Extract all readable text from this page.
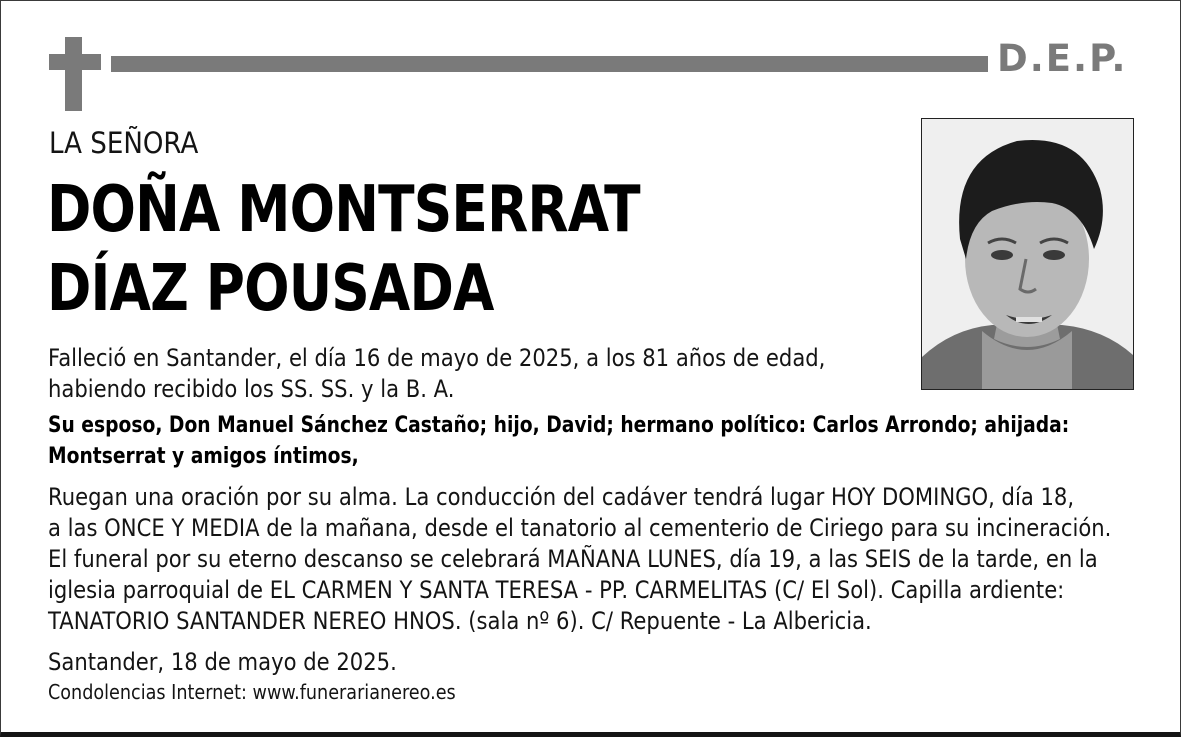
D.E.P.
LA SEÑORA
DOÑA MONTSERRAT
DÍAZ POUSADA
Falleció en Santander, el día 16 de mayo de 2025, a los 81 años de edad,
habiendo recibido los SS. SS. y la B. A.
Su esposo, Don Manuel Sánchez Castaño; hijo, David; hermano político: Carlos Arrondo; ahijada:
Montserrat y amigos íntimos,
Ruegan una oración por su alma. La conducción del cadáver tendrá lugar HOY DOMINGO, día 18,
a las ONCE Y MEDIA de la mañana, desde el tanatorio al cementerio de Ciriego para su incineración.
El funeral por su eterno descanso se celebrará MAÑANA LUNES, día 19, a las SEIS de la tarde, en la
iglesia parroquial de EL CARMEN Y SANTA TERESA - PP. CARMELITAS (C/ El Sol). Capilla ardiente:
TANATORIO SANTANDER NEREO HNOS. (sala nº 6). C/ Repuente - La Albericia.
Santander, 18 de mayo de 2025.
Condolencias Internet: www.funerarianereo.es
